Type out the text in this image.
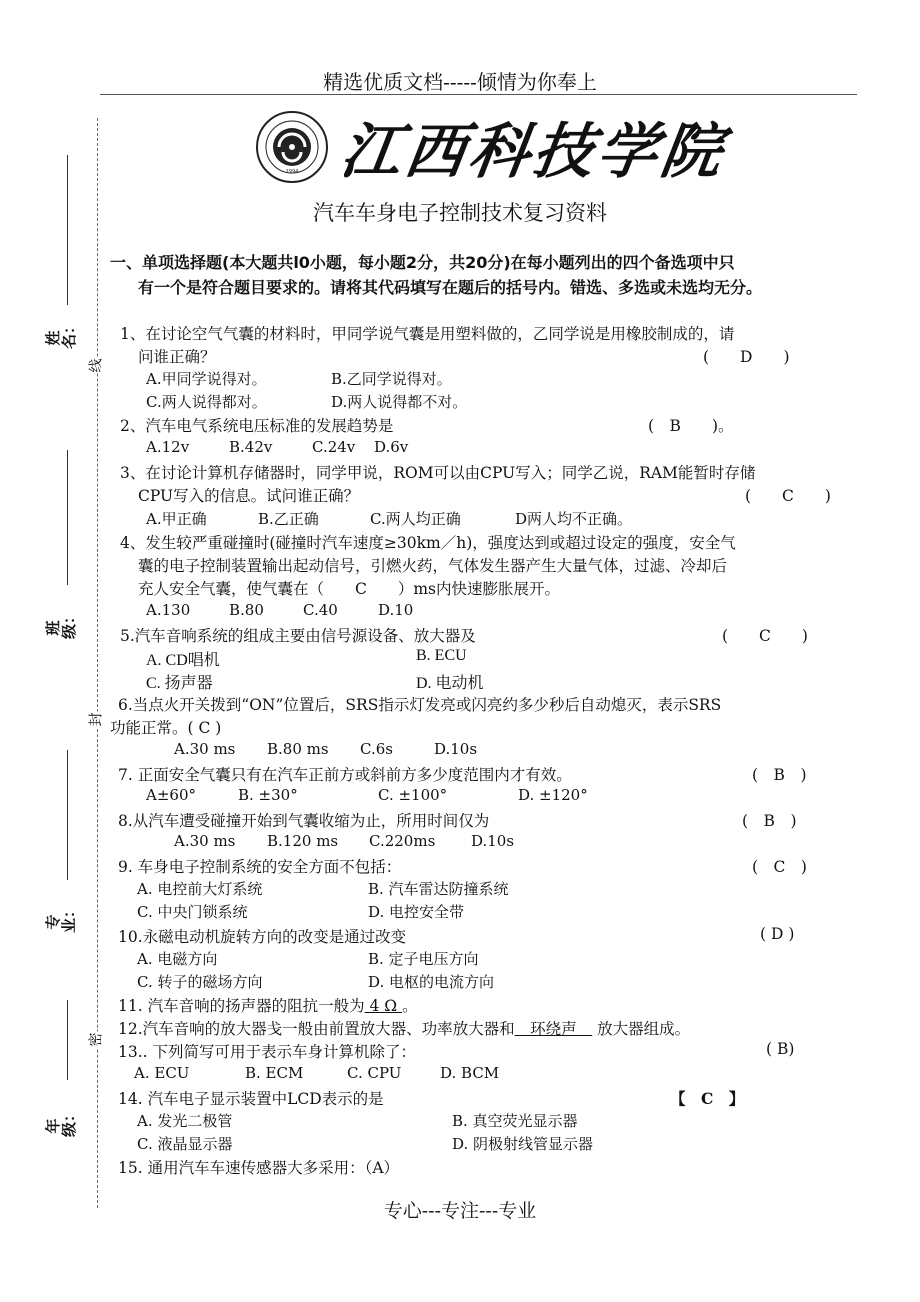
精选优质文档-----倾情为你奉上
姓名：
班级：
专业：
年级：
线
封
密
1994 江西科技学院
汽车车身电子控制技术复习资料
一、单项选择题(本大题共l0小题，每小题2分，共20分)在每小题列出的四个备选项中只
有一个是符合题目要求的。请将其代码填写在题后的括号内。错选、多选或未选均无分。
1、在讨论空气气囊的材料时，甲同学说气囊是用塑料做的，乙同学说是用橡胶制成的，请
问谁正确？	(　　D　　)
A.甲同学说得对。	B.乙同学说得对。
C.两人说得都对。	D.两人说得都不对。
2、汽车电气系统电压标准的发展趋势是	(　B　　)。
A.12v	B.42v	C.24v D.6v
3、在讨论计算机存储器时，同学甲说，ROM可以由CPU写入；同学乙说，RAM能暂时存储
CPU写入的信息。试问谁正确？	(　　C　　)
A.甲正确	B.乙正确	C.两人均正确	D两人均不正确。
4、发生较严重碰撞时(碰撞时汽车速度≥30km／h)，强度达到或超过设定的强度，安全气
囊的电子控制装置输出起动信号，引燃火药，气体发生器产生大量气体，过滤、冷却后
充人安全气囊，使气囊在（　　C　　）ms内快速膨胀展开。
A.130	B.80	C.40	D.10
5.汽车音响系统的组成主要由信号源设备、放大器及	(　　C　　)
A. CD唱机	B. ECU
C. 扬声器	D. 电动机
6.当点火开关拨到“ON”位置后，SRS指示灯发亮或闪亮约多少秒后自动熄灭，表示SRS
功能正常。( C )
A.30 ms B.80 ms C.6s	D.10s
7. 正面安全气囊只有在汽车正前方或斜前方多少度范围内才有效。	(　B　)
A±60°	B. ±30°	C. ±100°	D. ±120°
8.从汽车遭受碰撞开始到气囊收缩为止，所用时间仅为	(　B　)
A.30 ms B.120 ms C.220ms D.10s
9. 车身电子控制系统的安全方面不包括：	(　C　)
A. 电控前大灯系统	B. 汽车雷达防撞系统
C. 中央门锁系统	D. 电控安全带
10.永磁电动机旋转方向的改变是通过改变	( D )
A. 电磁方向	B. 定子电压方向
C. 转子的磁场方向	D. 电枢的电流方向
11. 汽车音响的扬声器的阻抗一般为 4 Ω 。
12.汽车音响的放大器戋一般由前置放大器、功率放大器和　环绕声　 放大器组成。
13.. 下列简写可用于表示车身计算机除了：	( B)
A. ECU	B. ECM	C. CPU	D. BCM
14. 汽车电子显示装置中LCD表示的是	【　C　】
A. 发光二极管	B. 真空荧光显示器
C. 液晶显示器	D. 阴极射线管显示器
15. 通用汽车车速传感器大多采用：（A）
专心---专注---专业
